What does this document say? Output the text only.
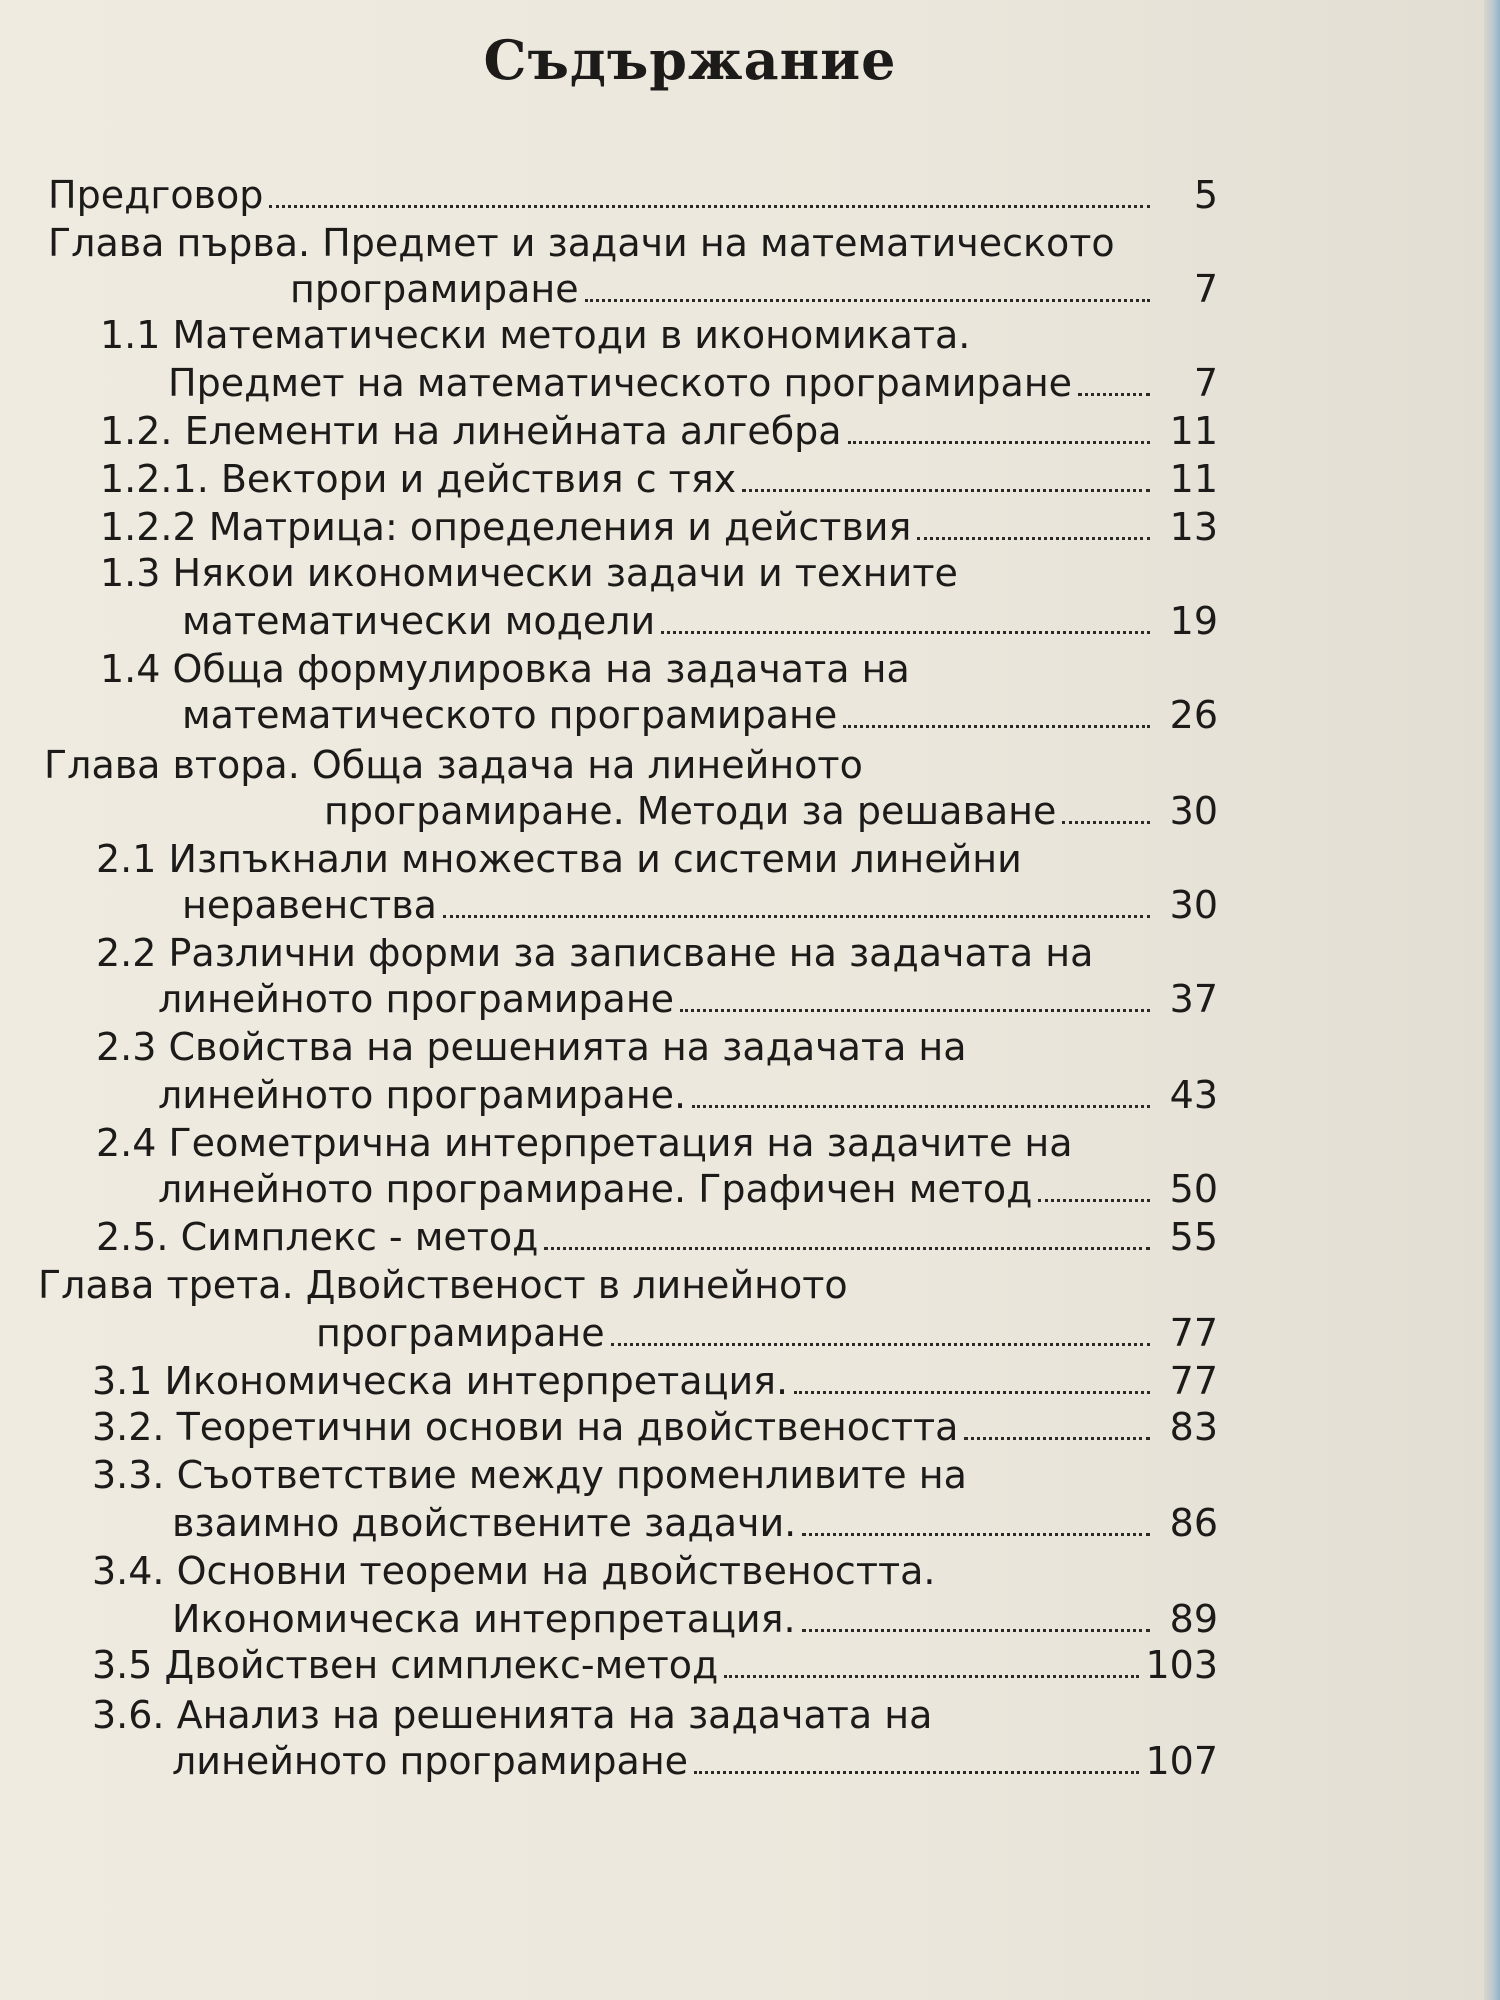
Съдържание
Предговор	5
Глава първа. Предмет и задачи на математическото
програмиране	7
1.1 Математически методи в икономиката.
Предмет на математическото програмиране	7
1.2. Елементи на линейната алгебра	11
1.2.1. Вектори и действия с тях	11
1.2.2 Матрица: определения и действия	13
1.3 Някои икономически задачи и техните
математически модели	19
1.4 Обща формулировка на задачата на
математическото програмиране	26
Глава втора. Обща задача на линейното
програмиране. Методи за решаване	30
2.1 Изпъкнали множества и системи линейни
неравенства	30
2.2 Различни форми за записване на задачата на
линейното програмиране	37
2.3 Свойства на решенията на задачата на
линейното програмиране.	43
2.4 Геометрична интерпретация на задачите на
линейното програмиране. Графичен метод	50
2.5. Симплекс - метод	55
Глава трета. Двойственост в линейното
програмиране	77
3.1 Икономическа интерпретация.	77
3.2. Теоретични основи на двойствеността	83
3.3. Съответствие между променливите на
взаимно двойствените задачи.	86
3.4. Основни теореми на двойствеността.
Икономическа интерпретация.	89
3.5 Двойствен симплекс-метод	103
3.6. Анализ на решенията на задачата на
линейното програмиране	107
